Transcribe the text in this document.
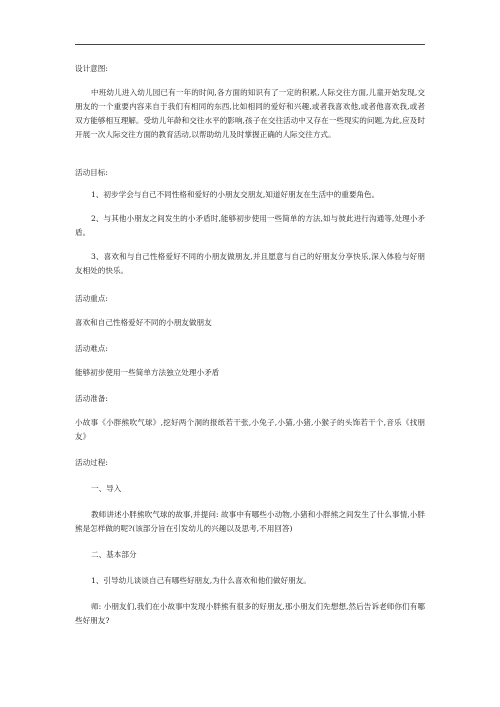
设计意图:

中班幼儿进入幼儿园已有一年的时间,各方面的知识有了一定的积累,人际交往方面,儿童开始发现,交朋友的一个重要内容来自于我们有相同的东西,比如相同的爱好和兴趣,或者我喜欢他,或者他喜欢我,或者双方能够相互理解。受幼儿年龄和交往水平的影响,孩子在交往活动中又存在一些现实的问题,为此,应及时开展一次人际交往方面的教育活动,以帮助幼儿及时掌握正确的人际交往方式。

活动目标:

1、初步学会与自己不同性格和爱好的小朋友交朋友,知道好朋友在生活中的重要角色。

2、与其他小朋友之间发生的小矛盾时,能够初步使用一些简单的方法,如与彼此进行沟通等,处理小矛盾。

3、喜欢和与自己性格爱好不同的小朋友做朋友,并且愿意与自己的好朋友分享快乐,深入体验与好朋友相处的快乐。

活动重点:

喜欢和自己性格爱好不同的小朋友做朋友

活动难点:

能够初步使用一些简单方法独立处理小矛盾

活动准备:

小故事《小胖熊吹气球》,挖好两个洞的报纸若干张,小兔子,小猫,小猪,小猴子的头饰若干个,音乐《找朋友》

活动过程:

一、导入

教师讲述小胖熊吹气球的故事,并提问: 故事中有哪些小动物,小猪和小胖熊之间发生了什么事情,小胖熊是怎样做的呢?(该部分旨在引发幼儿的兴趣以及思考,不用回答)

二、基本部分

1、引导幼儿谈谈自己有哪些好朋友,为什么喜欢和他们做好朋友。

师: 小朋友们,我们在小故事中发现小胖熊有很多的好朋友,那小朋友们先想想,然后告诉老师你们有哪些好朋友?
